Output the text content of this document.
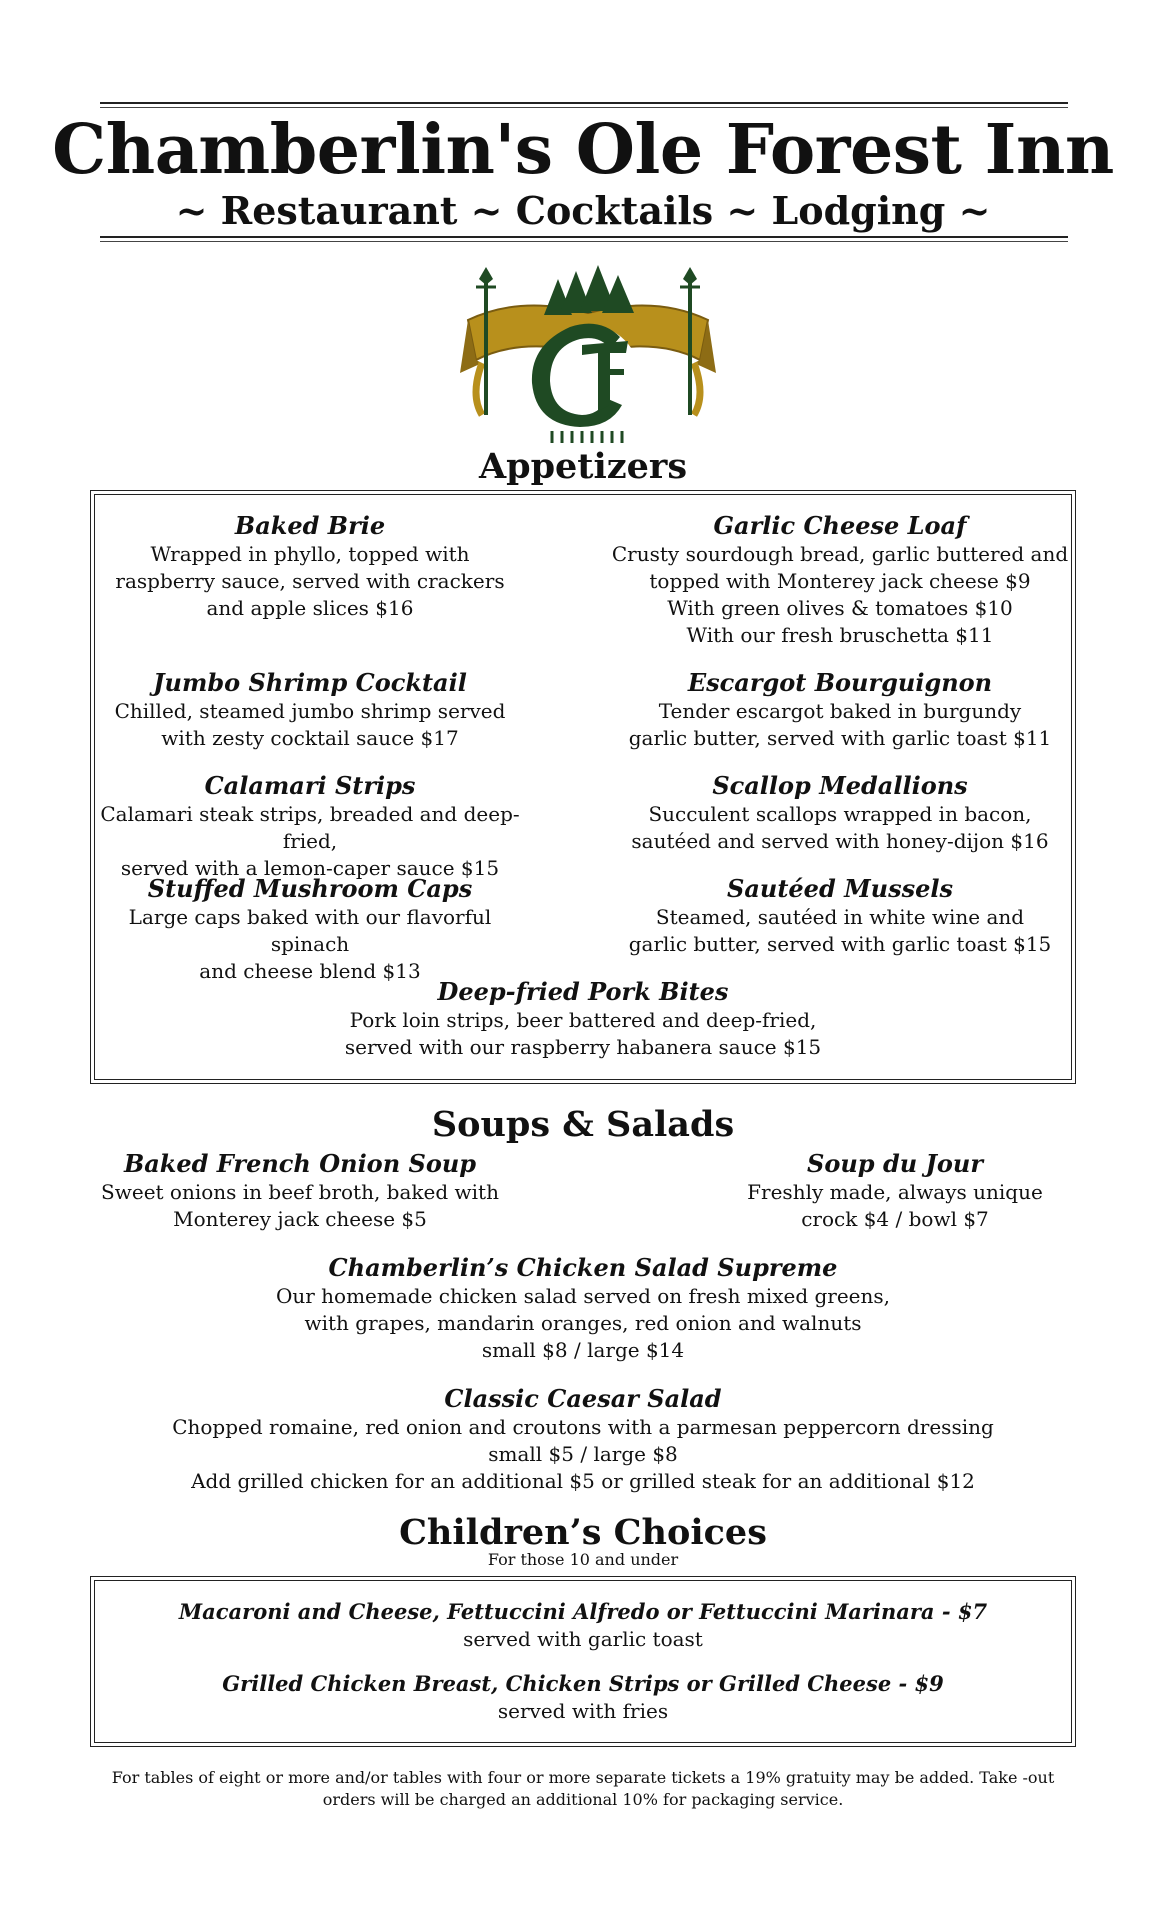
Chamberlin's Ole Forest Inn
~ Restaurant ~ Cocktails ~ Lodging ~
Appetizers
Baked Brie
Wrapped in phyllo, topped with
raspberry sauce, served with crackers
and apple slices $16
Garlic Cheese Loaf
Crusty sourdough bread, garlic buttered and
topped with Monterey jack cheese $9
With green olives & tomatoes $10
With our fresh bruschetta $11
Jumbo Shrimp Cocktail
Chilled, steamed jumbo shrimp served
with zesty cocktail sauce $17
Escargot Bourguignon
Tender escargot baked in burgundy
garlic butter, served with garlic toast $11
Calamari Strips
Calamari steak strips, breaded and deep-fried,
served with a lemon-caper sauce $15
Scallop Medallions
Succulent scallops wrapped in bacon,
sautéed and served with honey-dijon $16
Stuffed Mushroom Caps
Large caps baked with our flavorful spinach
and cheese blend $13
Sautéed Mussels
Steamed, sautéed in white wine and
garlic butter, served with garlic toast $15
Deep-fried Pork Bites
Pork loin strips, beer battered and deep-fried,
served with our raspberry habanera sauce $15
Soups & Salads
Baked French Onion Soup
Sweet onions in beef broth, baked with
Monterey jack cheese $5
Soup du Jour
Freshly made, always unique
crock $4 / bowl $7
Chamberlin’s Chicken Salad Supreme
Our homemade chicken salad served on fresh mixed greens,
with grapes, mandarin oranges, red onion and walnuts
small $8 / large $14
Classic Caesar Salad
Chopped romaine, red onion and croutons with a parmesan peppercorn dressing
small $5 / large $8
Add grilled chicken for an additional $5 or grilled steak for an additional $12
Children’s Choices
For those 10 and under
Macaroni and Cheese, Fettuccini Alfredo or Fettuccini Marinara - $7
served with garlic toast
Grilled Chicken Breast, Chicken Strips or Grilled Cheese - $9
served with fries
For tables of eight or more and/or tables with four or more separate tickets a 19% gratuity may be added. Take -out
orders will be charged an additional 10% for packaging service.
